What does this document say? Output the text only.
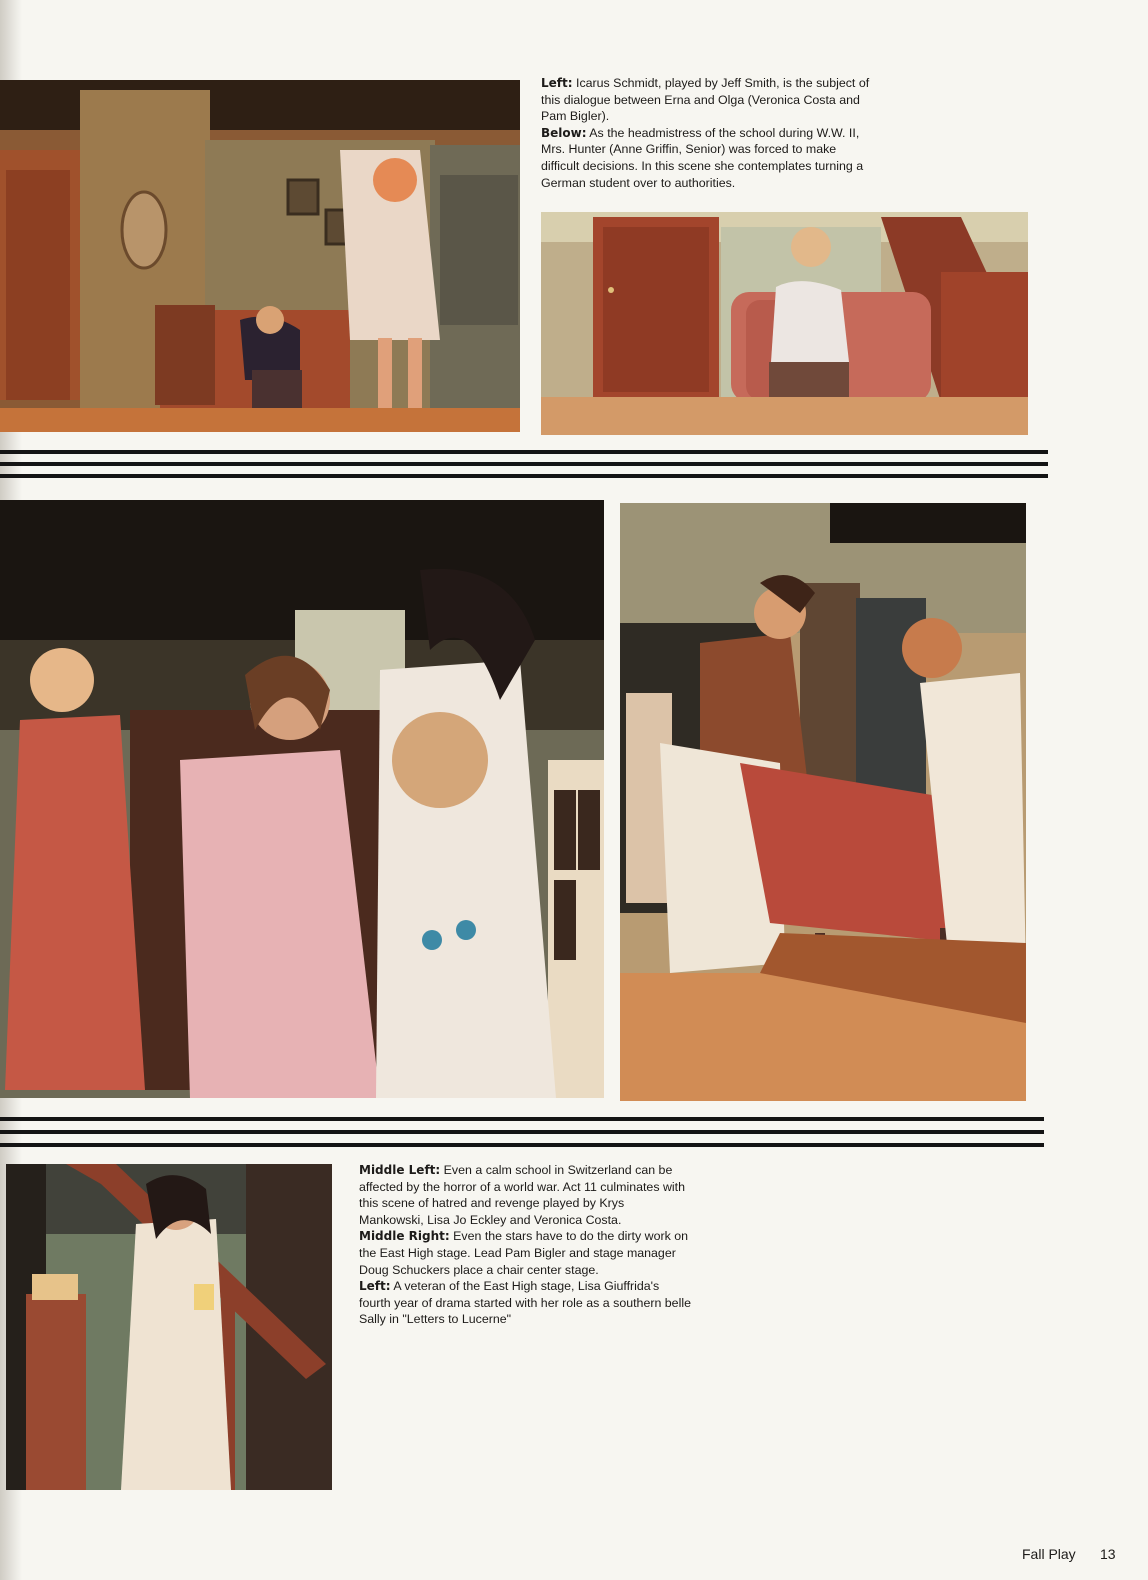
Left: Icarus Schmidt, played by Jeff Smith, is the subject of this dialogue between Erna and Olga (Veronica Costa and Pam Bigler).

Below: As the headmistress of the school during W.W. II, Mrs. Hunter (Anne Griffin, Senior) was forced to make difficult decisions. In this scene she contemplates turning a German student over to authorities.

Middle Left: Even a calm school in Switzerland can be affected by the horror of a world war. Act 11 culminates with this scene of hatred and revenge played by Krys Mankowski, Lisa Jo Eckley and Veronica Costa.

Middle Right: Even the stars have to do the dirty work on the East High stage. Lead Pam Bigler and stage manager Doug Schuckers place a chair center stage.

Left: A veteran of the East High stage, Lisa Giuffrida's fourth year of drama started with her role as a southern belle Sally in "Letters to Lucerne"

Fall Play	13
